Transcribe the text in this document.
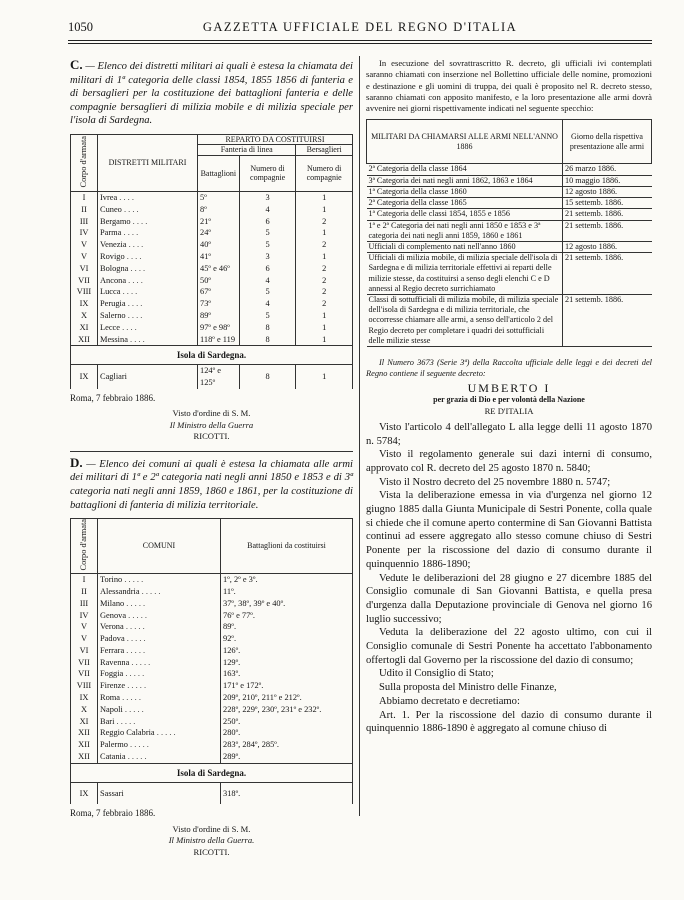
1050	GAZZETTA UFFICIALE DEL REGNO D'ITALIA
C. — Elenco dei distretti militari ai quali è estesa la chiamata dei militari di 1ª categoria delle classi 1854, 1855 1856 di fanteria e di bersaglieri per la costituzione dei battaglioni fanteria e delle compagnie bersaglieri di milizia mobile e di milizia speciale per l'isola di Sardegna.
Corpo d'armata	DISTRETTI MILITARI	REPARTO DA COSTITUIRSI		
		Fanteria di linea		Bersaglieri
		Battaglioni	Numero di compagnie	Numero di compagnie
I	Ivrea . . . .	5º	3	1
II	Cuneo . . . .	8º	4	1
III	Bergamo . . . .	21º	6	2
IV	Parma . . . .	24º	5	1
V	Venezia . . . .	40º	5	2
V	Rovigo . . . .	41º	3	1
VI	Bologna . . . .	45º e 46º	6	2
VII	Ancona . . . .	50º	4	2
VIII	Lucca . . . .	67º	5	2
IX	Perugia . . . .	73º	4	2
X	Salerno . . . .	89º	5	1
XI	Lecce . . . .	97º e 98º	8	1
XII	Messina . . . .	118º e 119	8	1
Isola di Sardegna.				
IX	Cagliari	124º e 125º	8	1
Roma, 7 febbraio 1886.
Visto d'ordine di S. M.
Il Ministro della Guerra
RICOTTI.
D. — Elenco dei comuni ai quali è estesa la chiamata alle armi dei militari di 1ª e 2ª categoria nati negli anni 1850 e 1853 e di 3ª categoria nati negli anni 1859, 1860 e 1861, per la costituzione di battaglioni di fanteria di milizia territoriale.
Corpo d'armata	COMUNI	Battaglioni da costituirsi
I	Torino . . . . .	1º, 2º e 3º.
II	Alessandria . . . . .	11º.
III	Milano . . . . .	37º, 38º, 39º e 40º.
IV	Genova . . . . .	76º e 77º.
V	Verona . . . . .	89º.
V	Padova . . . . .	92º.
VI	Ferrara . . . . .	126º.
VII	Ravenna . . . . .	129º.
VII	Foggia . . . . .	163º.
VIII	Firenze . . . . .	171º e 172º.
IX	Roma . . . . .	209º, 210º, 211º e 212º.
X	Napoli . . . . .	228º, 229º, 230º, 231º e 232º.
XI	Bari . . . . .	250º.
XII	Reggio Calabria . . . . .	280º.
XII	Palermo . . . . .	283º, 284º, 285º.
XII	Catania . . . . .	289º.
Isola di Sardegna.		
IX	Sassari	318º.
Roma, 7 febbraio 1886.
Visto d'ordine di S. M.
Il Ministro della Guerra.
RICOTTI.
In esecuzione del sovrattrascritto R. decreto, gli ufficiali ivi contemplati saranno chiamati con inserzione nel Bollettino ufficiale delle nomine, promozioni e destinazione e gli uomini di truppa, dei quali è proposito nel R. decreto stesso, saranno chiamati con apposito manifesto, e la loro presentazione alle armi dovrà avvenire nei giorni rispettivamente indicati nel seguente specchio:
MILITARI DA CHIAMARSI ALLE ARMI NELL'ANNO 1886	Giorno della rispettiva presentazione alle armi
2ª Categoria della classe 1864	26 marzo 1886.
3ª Categoria dei nati negli anni 1862, 1863 e 1864	10 maggio 1886.
1ª Categoria della classe 1860	12 agosto 1886.
2ª Categoria della classe 1865	15 settemb. 1886.
1ª Categoria delle classi 1854, 1855 e 1856	21 settemb. 1886.
1ª e 2ª Categoria dei nati negli anni 1850 e 1853 e 3ª categoria dei nati negli anni 1859, 1860 e 1861	21 settemb. 1886.
Ufficiali di complemento nati nell'anno 1860	12 agosto 1886.
Ufficiali di milizia mobile, di milizia speciale dell'isola di Sardegna e di milizia territoriale effettivi ai reparti delle milizie stesse, da costituirsi a senso degli elenchi C e D annessi al Regio decreto surrichiamato	21 settemb. 1886.
Classi di sottufficiali di milizia mobile, di milizia speciale dell'isola di Sardegna e di milizia territoriale, che occorresse chiamare alle armi, a senso dell'articolo 2 del Regio decreto per completare i quadri dei sottufficiali delle milizie stesse	21 settemb. 1886.
Il Numero 3673 (Serie 3ª) della Raccolta ufficiale delle leggi e dei decreti del Regno contiene il seguente decreto:
UMBERTO I
per grazia di Dio e per volontà della Nazione
RE D'ITALIA

Visto l'articolo 4 dell'allegato L alla legge delli 11 agosto 1870 n. 5784;

Visto il regolamento generale sui dazi interni di consumo, approvato col R. decreto del 25 agosto 1870 n. 5840;

Visto il Nostro decreto del 25 novembre 1880 n. 5747;

Vista la deliberazione emessa in via d'urgenza nel giorno 12 giugno 1885 dalla Giunta Municipale di Sestri Ponente, colla quale si chiede che il comune aperto contermine di San Giovanni Battista continui ad essere aggregato allo stesso comune chiuso di Sestri Ponente per la riscossione del dazio di consumo durante il quinquennio 1886-1890;

Vedute le deliberazioni del 28 giugno e 27 dicembre 1885 del Consiglio comunale di San Giovanni Battista, e quella presa d'urgenza dalla Deputazione provinciale di Genova nel giorno 16 luglio successivo;

Veduta la deliberazione del 22 agosto ultimo, con cui il Consiglio comunale di Sestri Ponente ha accettato l'abbonamento offertogli dal Governo per la riscossione del dazio di consumo;

Udito il Consiglio di Stato;

Sulla proposta del Ministro delle Finanze,

Abbiamo decretato e decretiamo:

Art. 1. Per la riscossione del dazio di consumo durante il quinquennio 1886-1890 è aggregato al comune chiuso di
